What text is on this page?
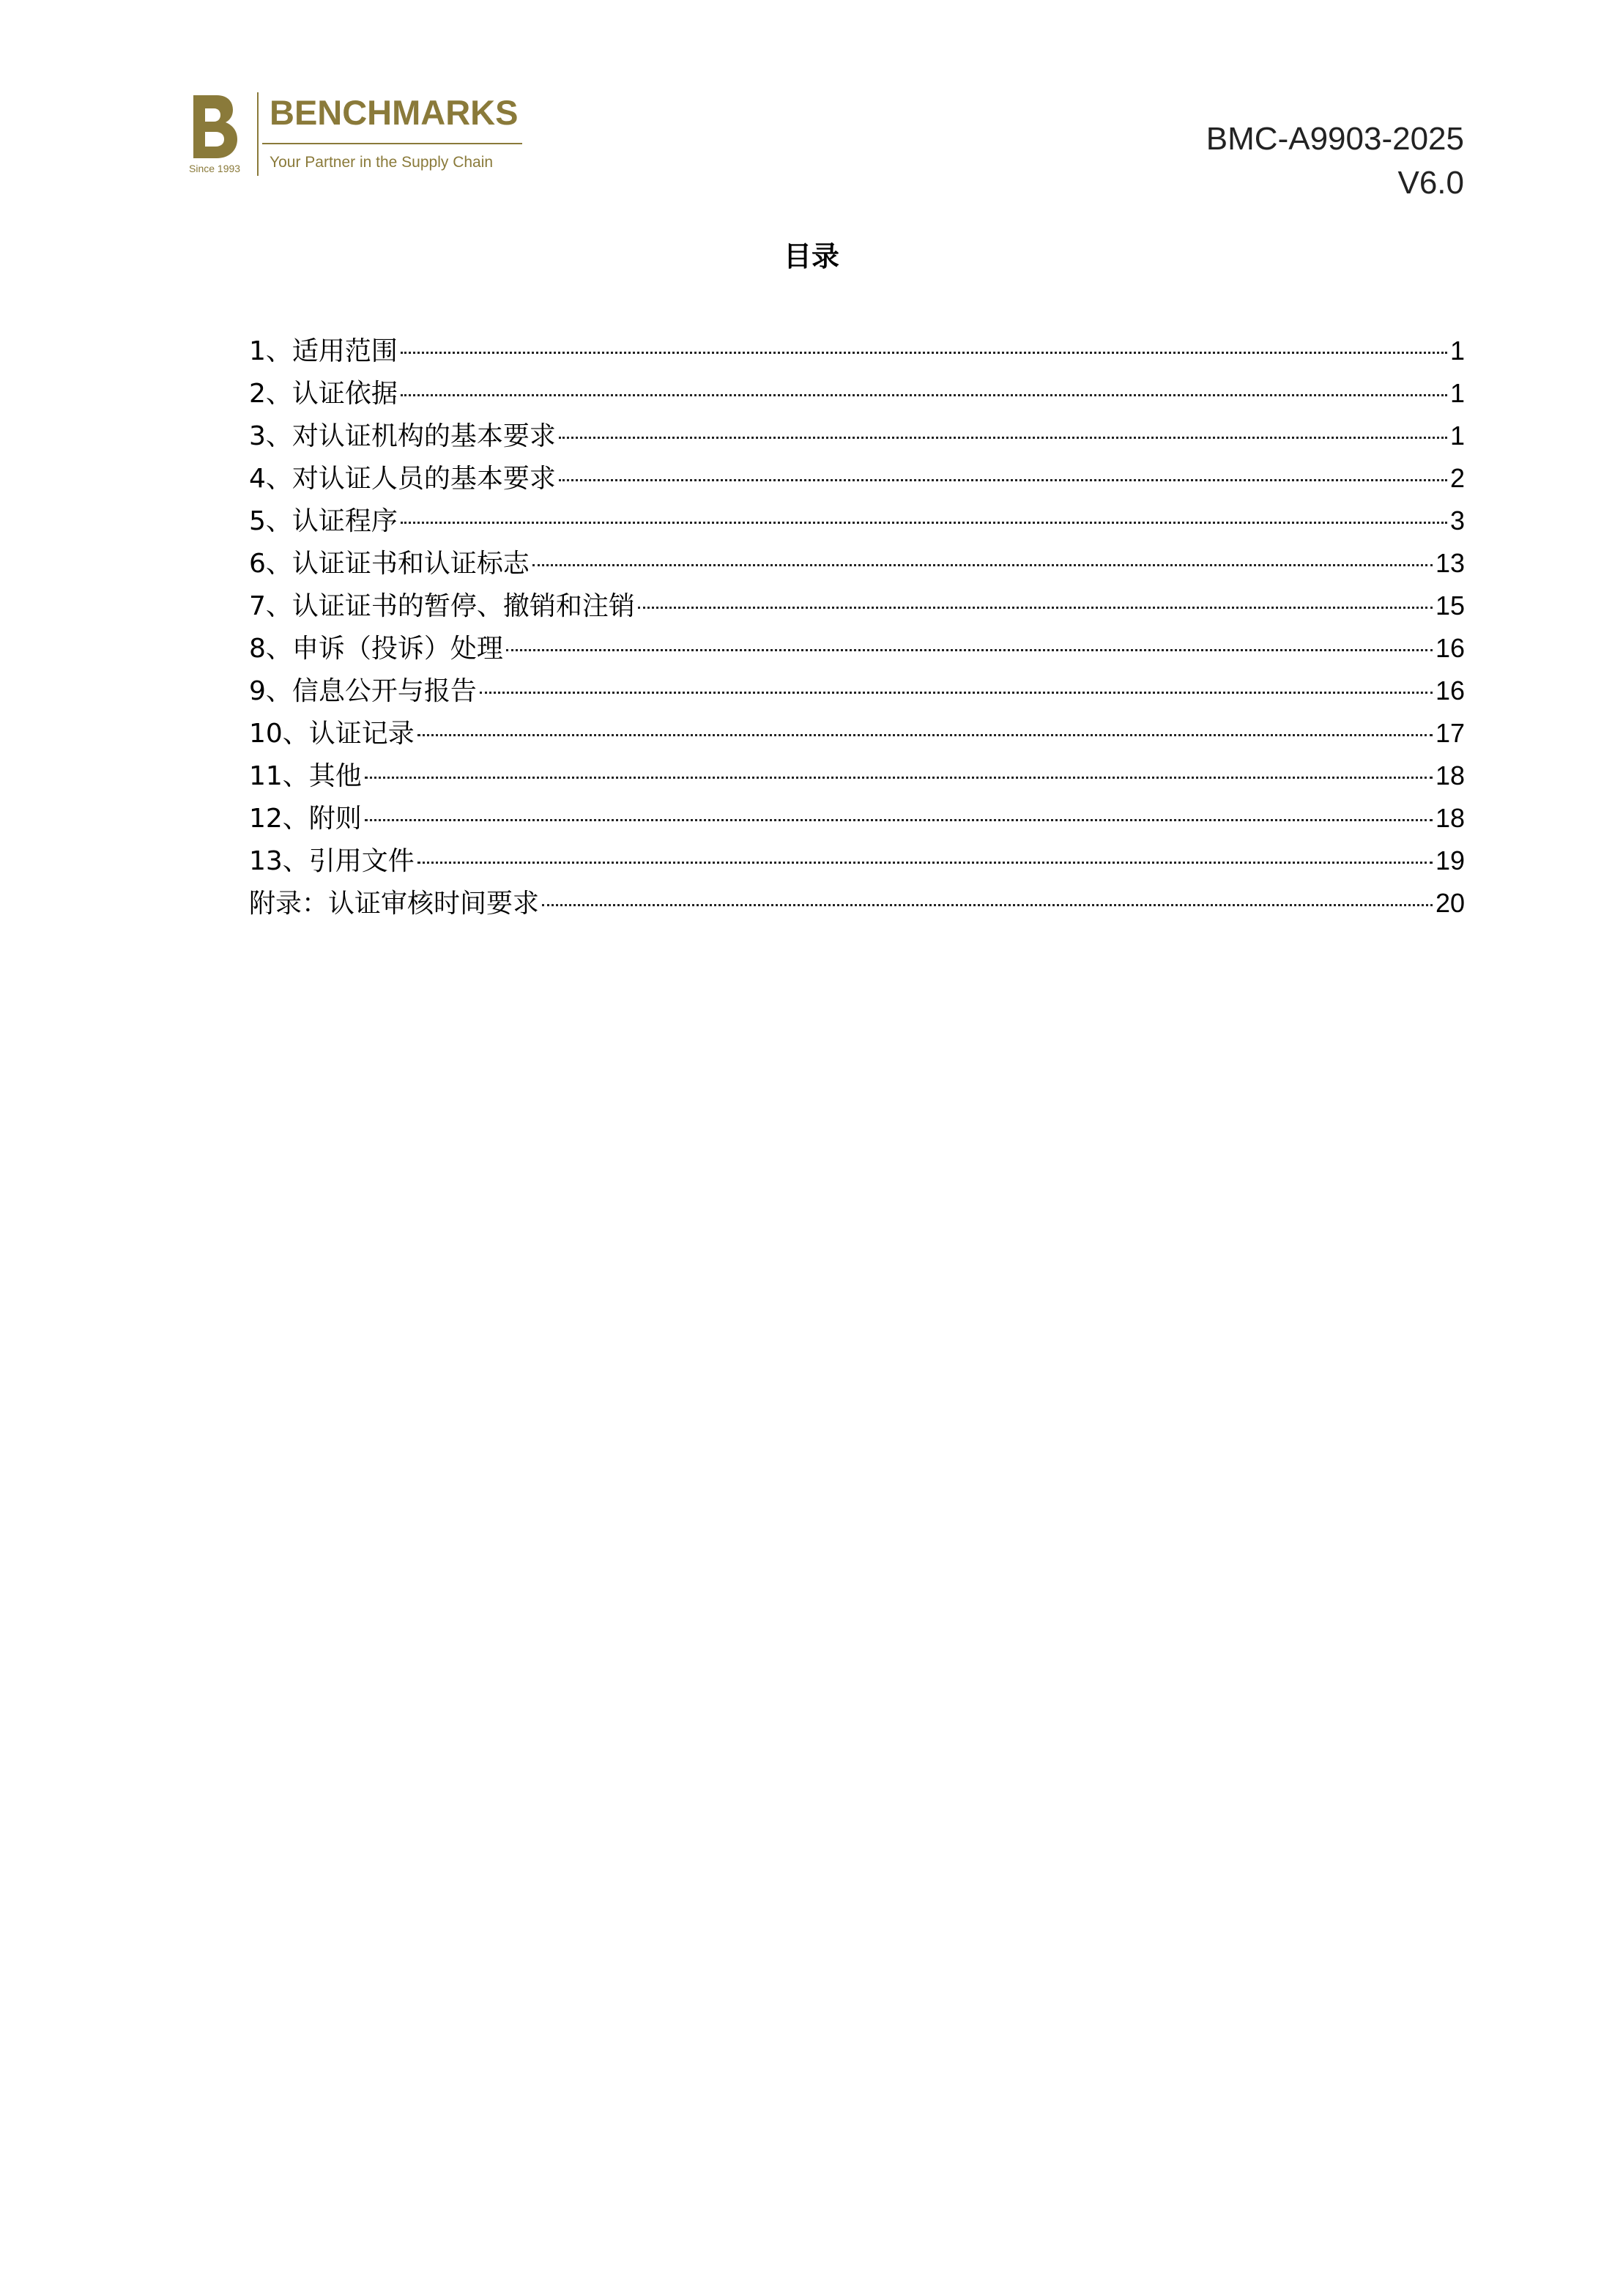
Since 1993
BENCHMARKS
Your Partner in the Supply Chain
BMC-A9903-2025
V6.0
目录
1、适用范围	1
2、认证依据	1
3、对认证机构的基本要求	1
4、对认证人员的基本要求	2
5、认证程序	3
6、认证证书和认证标志	13
7、认证证书的暂停、撤销和注销	15
8、申诉（投诉）处理	16
9、信息公开与报告	16
10、认证记录	17
11、其他	18
12、附则	18
13、引用文件	19
附录：认证审核时间要求	20
